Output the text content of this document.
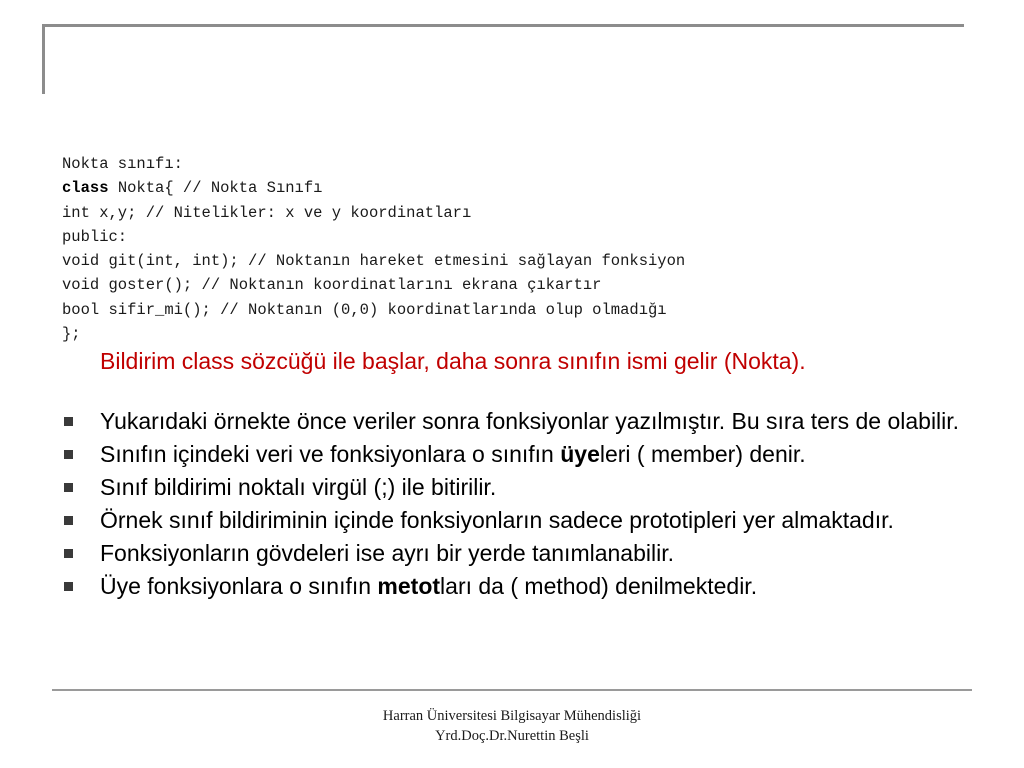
Nokta sınıfı:
class Nokta{ // Nokta Sınıfı
int x,y; // Nitelikler: x ve y koordinatları
public:
void git(int, int); // Noktanın hareket etmesini sağlayan fonksiyon
void goster(); // Noktanın koordinatlarını ekrana çıkartır
bool sifir_mi(); // Noktanın (0,0) koordinatlarında olup olmadığı
};
Bildirim class sözcüğü ile başlar, daha sonra sınıfın ismi gelir (Nokta).
Yukarıdaki örnekte önce veriler sonra fonksiyonlar yazılmıştır. Bu sıra ters de olabilir.
Sınıfın içindeki veri ve fonksiyonlara o sınıfın üyeleri ( member) denir.
Sınıf bildirimi noktalı virgül (;) ile bitirilir.
Örnek sınıf bildiriminin içinde fonksiyonların sadece prototipleri yer almaktadır.
Fonksiyonların gövdeleri ise ayrı bir yerde tanımlanabilir.
Üye fonksiyonlara o sınıfın metotları da ( method) denilmektedir.
Harran Üniversitesi Bilgisayar Mühendisliği
Yrd.Doç.Dr.Nurettin Beşli
